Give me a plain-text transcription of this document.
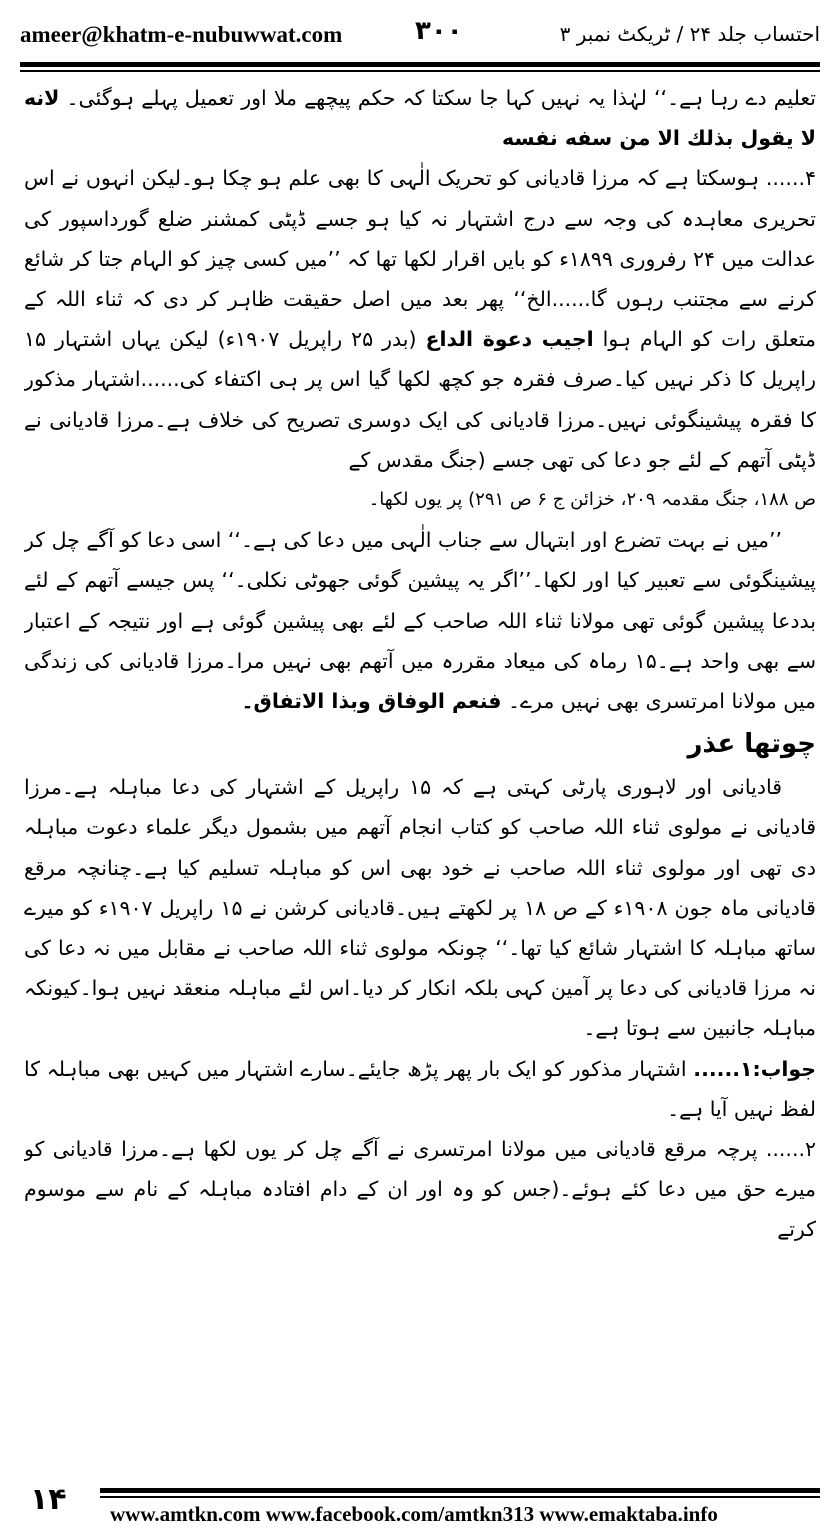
ameer@khatm-e-nubuwwat.com	۳۰۰	احتساب جلد ۲۴ / ٹریکٹ نمبر ۳

تعلیم دے رہا ہے۔‘‘ لہٰذا یہ نہیں کہا جا سکتا کہ حکم پیچھے ملا اور تعمیل پہلے ہوگئی۔ لانه لا يقول بذلك الا من سفه نفسه

۴...... ہوسکتا ہے کہ مرزا قادیانی کو تحریک الٰہی کا بھی علم ہو چکا ہو۔لیکن انہوں نے اس تحریری معاہدہ کی وجہ سے درج اشتہار نہ کیا ہو جسے ڈپٹی کمشنر ضلع گورداسپور کی عدالت میں ۲۴ رفروری ۱۸۹۹ء کو بایں اقرار لکھا تھا کہ ’’میں کسی چیز کو الہام جتا کر شائع کرنے سے مجتنب رہوں گا......الخ‘‘ پھر بعد میں اصل حقیقت ظاہر کر دی کہ ثناء اللہ کے متعلق رات کو الہام ہوا اجيب دعوة الداع (بدر ۲۵ راپریل ۱۹۰۷ء) لیکن یہاں اشتہار ۱۵ راپریل کا ذکر نہیں کیا۔صرف فقرہ جو کچھ لکھا گیا اس پر ہی اکتفاء کی......اشتہار مذکور کا فقرہ پیشینگوئی نہیں۔مرزا قادیانی کی ایک دوسری تصریح کی خلاف ہے۔مرزا قادیانی نے ڈپٹی آتھم کے لئے جو دعا کی تھی جسے (جنگ مقدس کے

ص ۱۸۸، جنگ مقدمہ ۲۰۹، خزائن ج ۶ ص ۲۹۱) پر یوں لکھا۔

’’میں نے بہت تضرع اور ابتہال سے جناب الٰہی میں دعا کی ہے۔‘‘ اسی دعا کو آگے چل کر پیشینگوئی سے تعبیر کیا اور لکھا۔’’اگر یہ پیشین گوئی جھوٹی نکلی۔‘‘ پس جیسے آتھم کے لئے بددعا پیشین گوئی تھی مولانا ثناء اللہ صاحب کے لئے بھی پیشین گوئی ہے اور نتیجہ کے اعتبار سے بھی واحد ہے۔۱۵ رماہ کی میعاد مقررہ میں آتھم بھی نہیں مرا۔مرزا قادیانی کی زندگی میں مولانا امرتسری بھی نہیں مرے۔ فنعم الوفاق وبذا الاتفاق۔

چوتھا عذر

قادیانی اور لاہوری پارٹی کہتی ہے کہ ۱۵ راپریل کے اشتہار کی دعا مباہلہ ہے۔مرزا قادیانی نے مولوی ثناء اللہ صاحب کو کتاب انجام آتھم میں بشمول دیگر علماء دعوت مباہلہ دی تھی اور مولوی ثناء اللہ صاحب نے خود بھی اس کو مباہلہ تسلیم کیا ہے۔چنانچہ مرقع قادیانی ماہ جون ۱۹۰۸ء کے ص ۱۸ پر لکھتے ہیں۔قادیانی کرشن نے ۱۵ راپریل ۱۹۰۷ء کو میرے ساتھ مباہلہ کا اشتہار شائع کیا تھا۔‘‘ چونکہ مولوی ثناء اللہ صاحب نے مقابل میں نہ دعا کی نہ مرزا قادیانی کی دعا پر آمین کہی بلکہ انکار کر دیا۔اس لئے مباہلہ منعقد نہیں ہوا۔کیونکہ مباہلہ جانبین سے ہوتا ہے۔

جواب:۱...... اشتہار مذکور کو ایک بار پھر پڑھ جایئے۔سارے اشتہار میں کہیں بھی مباہلہ کا لفظ نہیں آیا ہے۔

۲...... پرچہ مرقع قادیانی میں مولانا امرتسری نے آگے چل کر یوں لکھا ہے۔مرزا قادیانی کو میرے حق میں دعا کئے ہوئے۔(جس کو وہ اور ان کے دام افتادہ مباہلہ کے نام سے موسوم کرتے

۱۴ www.amtkn.com www.facebook.com/amtkn313 www.emaktaba.info
